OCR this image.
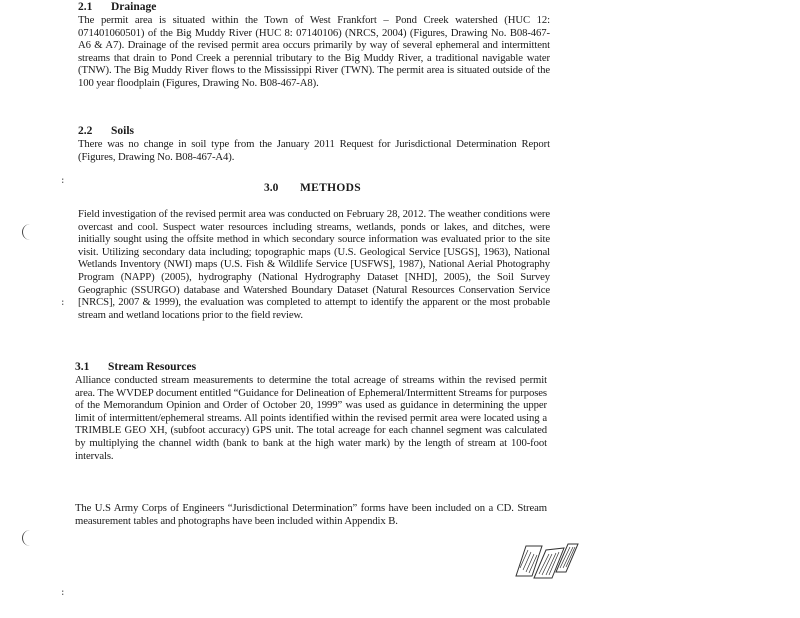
:
:
:
2.1 Drainage
The permit area is situated within the Town of West Frankfort – Pond Creek watershed (HUC 12: 071401060501) of the Big Muddy River (HUC 8: 07140106) (NRCS, 2004) (Figures, Drawing No. B08-467-A6 & A7). Drainage of the revised permit area occurs primarily by way of several ephemeral and intermittent streams that drain to Pond Creek a perennial tributary to the Big Muddy River, a traditional navigable water (TNW). The Big Muddy River flows to the Mississippi River (TWN). The permit area is situated outside of the 100 year floodplain (Figures, Drawing No. B08-467-A8).
2.2 Soils
There was no change in soil type from the January 2011 Request for Jurisdictional Determination Report (Figures, Drawing No. B08-467-A4).
3.0 METHODS
Field investigation of the revised permit area was conducted on February 28, 2012. The weather conditions were overcast and cool. Suspect water resources including streams, wetlands, ponds or lakes, and ditches, were initially sought using the offsite method in which secondary source information was evaluated prior to the site visit. Utilizing secondary data including; topographic maps (U.S. Geological Service [USGS], 1963), National Wetlands Inventory (NWI) maps (U.S. Fish & Wildlife Service [USFWS], 1987), National Aerial Photography Program (NAPP) (2005), hydrography (National Hydrography Dataset [NHD], 2005), the Soil Survey Geographic (SSURGO) database and Watershed Boundary Dataset (Natural Resources Conservation Service [NRCS], 2007 & 1999), the evaluation was completed to attempt to identify the apparent or the most probable stream and wetland locations prior to the field review.
3.1 Stream Resources
Alliance conducted stream measurements to determine the total acreage of streams within the revised permit area. The WVDEP document entitled “Guidance for Delineation of Ephemeral/Intermittent Streams for purposes of the Memorandum Opinion and Order of October 20, 1999” was used as guidance in determining the upper limit of intermittent/ephemeral streams. All points identified within the revised permit area were located using a TRIMBLE GEO XH, (subfoot accuracy) GPS unit. The total acreage for each channel segment was calculated by multiplying the channel width (bank to bank at the high water mark) by the length of stream at 100-foot intervals.
The U.S Army Corps of Engineers “Jurisdictional Determination” forms have been included on a CD. Stream measurement tables and photographs have been included within Appendix B.
